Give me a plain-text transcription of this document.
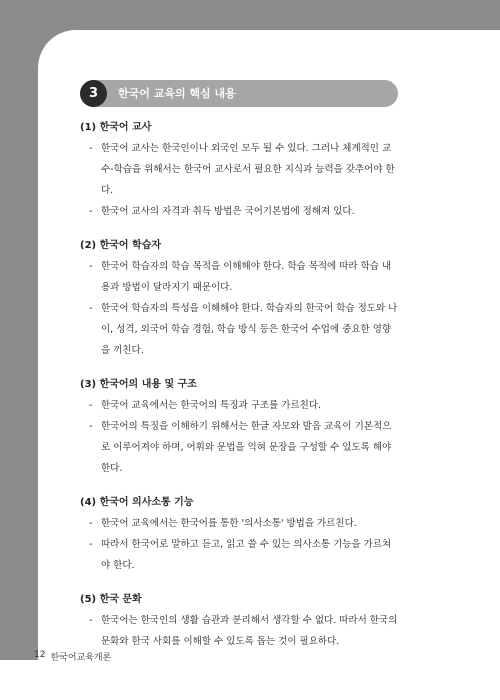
3	한국어 교육의 핵심 내용
(1) 한국어 교사
- 한국어 교사는 한국인이나 외국인 모두 될 수 있다. 그러나 체계적인 교수-학습을 위해서는 한국어 교사로서 필요한 지식과 능력을 갖추어야 한다.
- 한국어 교사의 자격과 취득 방법은 국어기본법에 정해져 있다.
(2) 한국어 학습자
- 한국어 학습자의 학습 목적을 이해해야 한다. 학습 목적에 따라 학습 내용과 방법이 달라지기 때문이다.
- 한국어 학습자의 특성을 이해해야 한다. 학습자의 한국어 학습 정도와 나이, 성격, 외국어 학습 경험, 학습 방식 등은 한국어 수업에 중요한 영향을 끼친다.
(3) 한국어의 내용 및 구조
- 한국어 교육에서는 한국어의 특징과 구조를 가르친다.
- 한국어의 특징을 이해하기 위해서는 한글 자모와 발음 교육이 기본적으로 이루어져야 하며, 어휘와 문법을 익혀 문장을 구성할 수 있도록 해야 한다.
(4) 한국어 의사소통 기능
- 한국어 교육에서는 한국어를 통한 '의사소통' 방법을 가르친다.
- 따라서 한국어로 말하고 듣고, 읽고 쓸 수 있는 의사소통 기능을 가르쳐야 한다.
(5) 한국 문화
- 한국어는 한국인의 생활 습관과 분리해서 생각할 수 없다. 따라서 한국의 문화와 한국 사회를 이해할 수 있도록 돕는 것이 필요하다.
12 한국어교육개론
